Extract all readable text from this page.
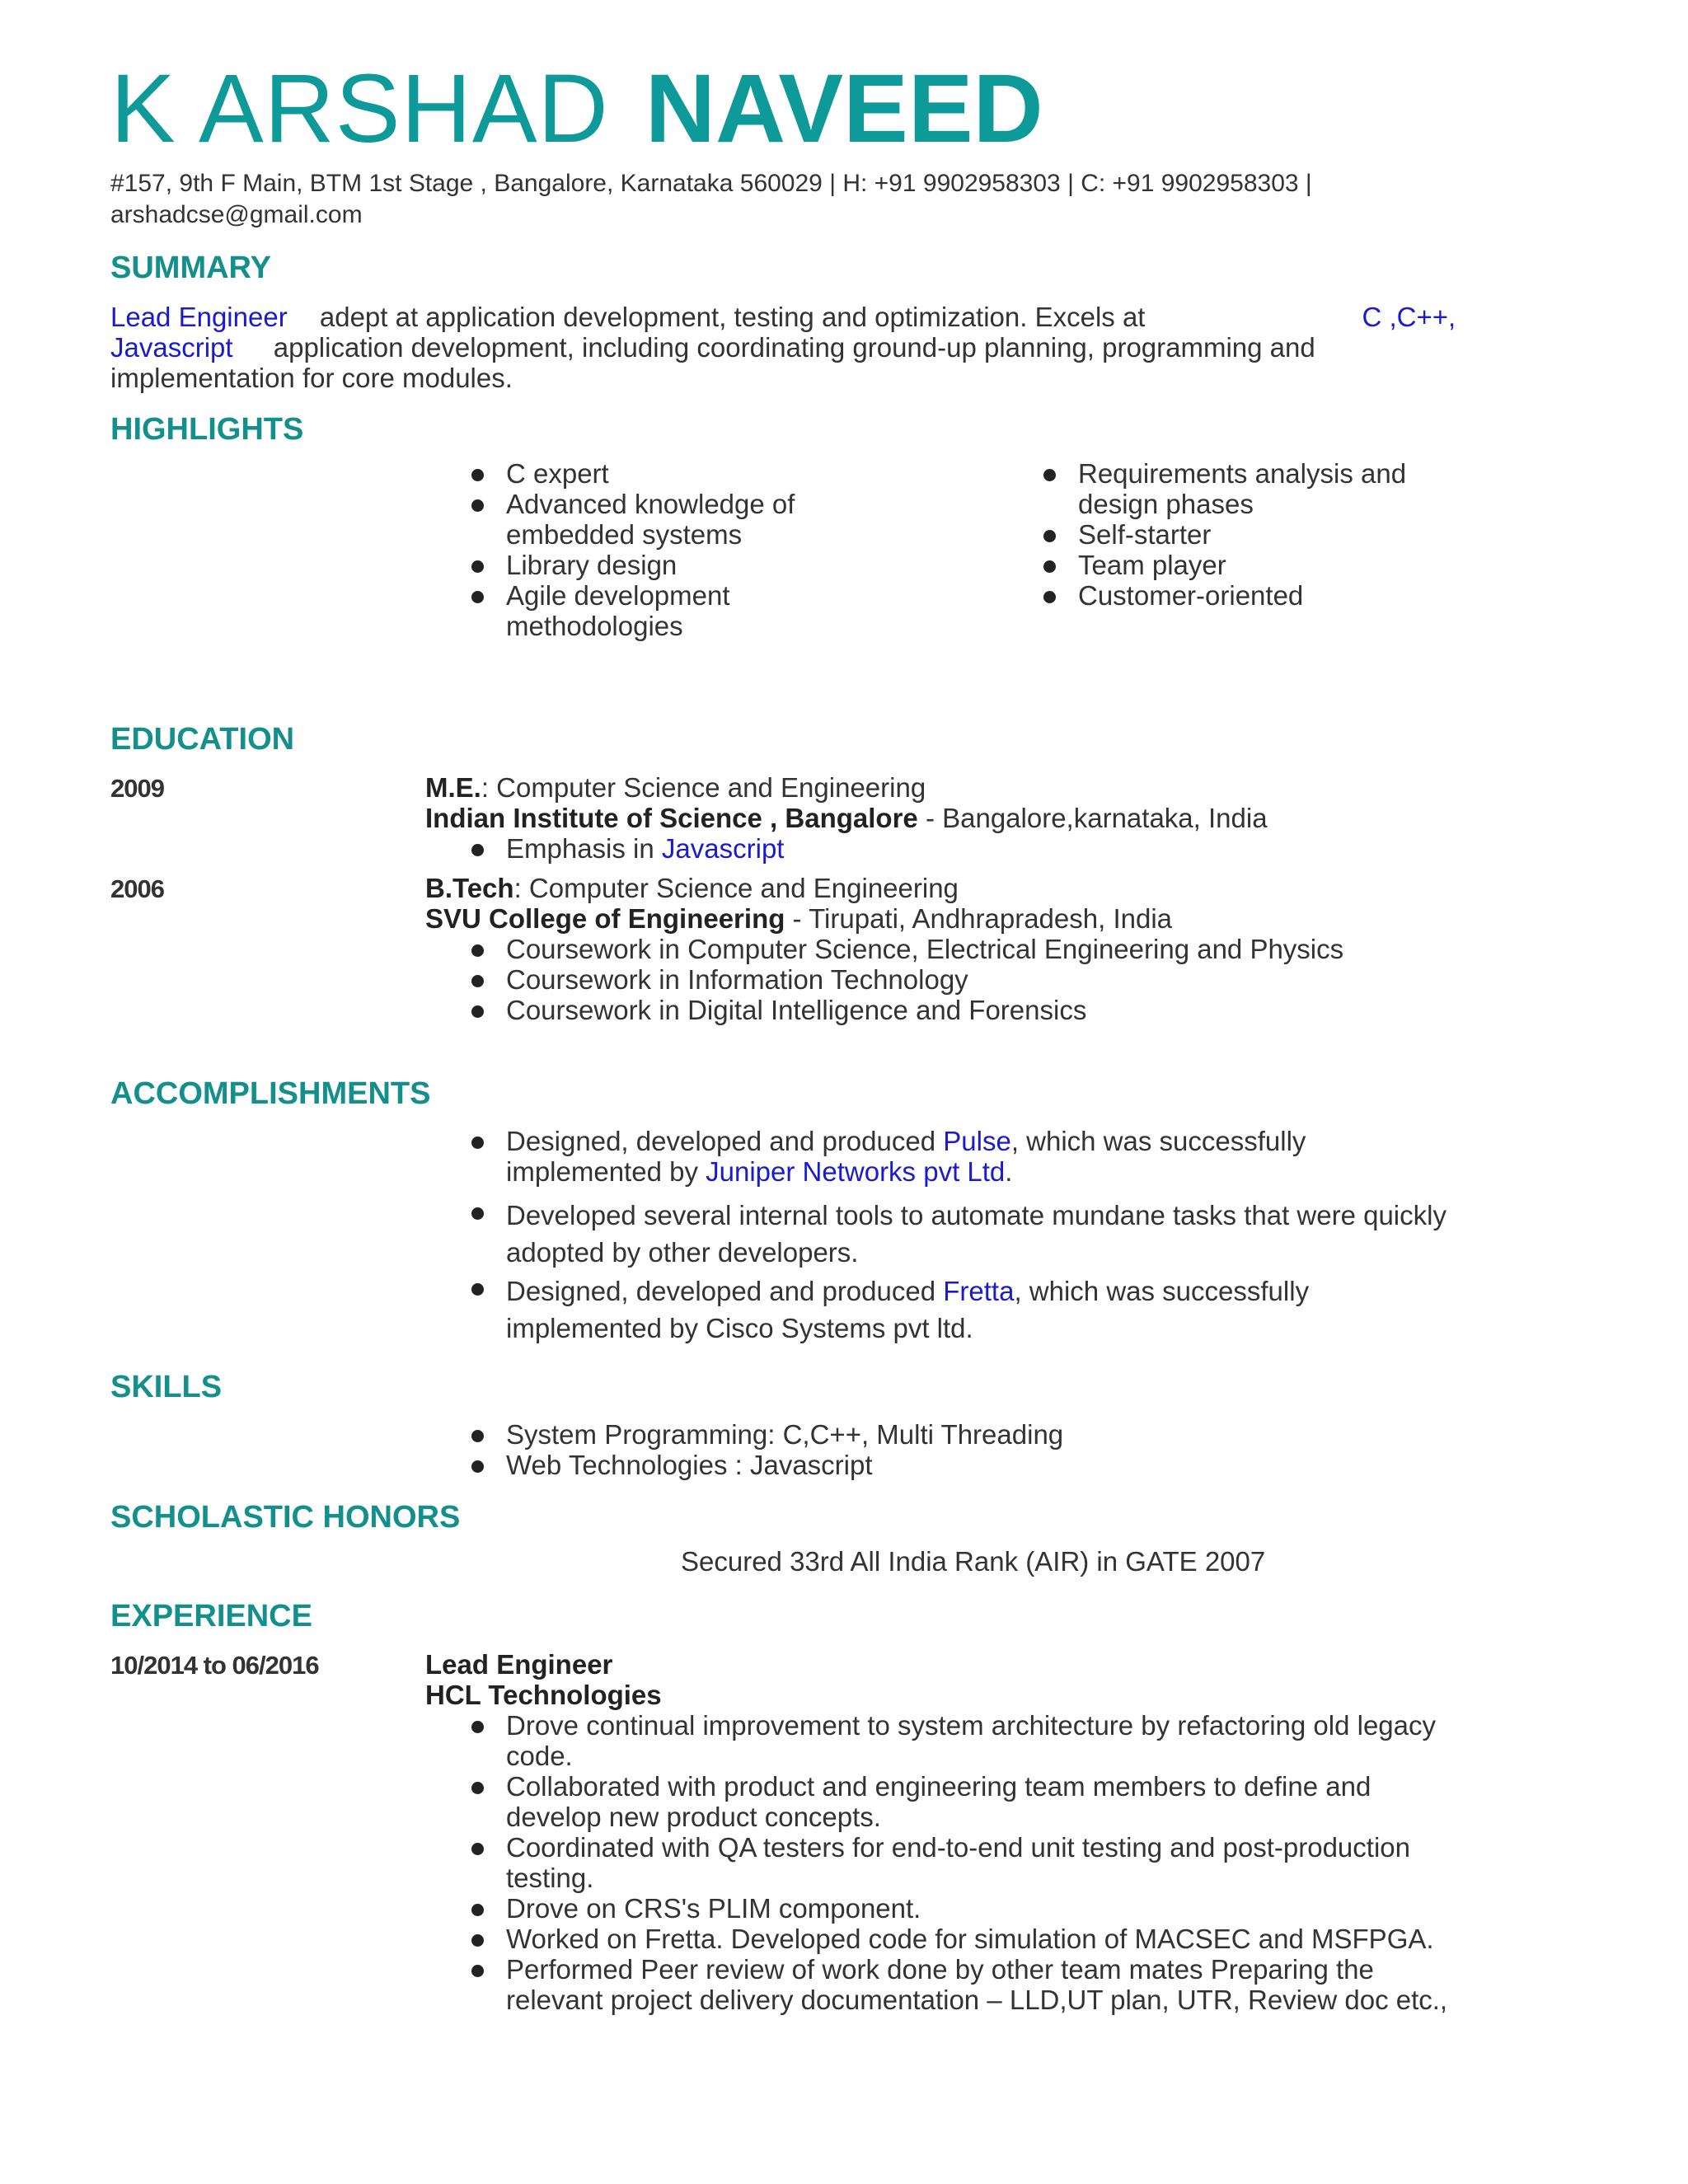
K ARSHAD NAVEED
#157, 9th F Main, BTM 1st Stage , Bangalore, Karnataka 560029 | H: +91 9902958303 | C: +91 9902958303 |
arshadcse@gmail.com
SUMMARY
Lead Engineer adept at application development, testing and optimization. Excels at	C ,C++,
Javascript application development, including coordinating ground-up planning, programming and
implementation for core modules.
HIGHLIGHTS
C expert
Advanced knowledge of embedded systems
Library design
Agile development methodologies
Requirements analysis and design phases
Self-starter
Team player
Customer-oriented
EDUCATION
2009	M.E.: Computer Science and Engineering
Indian Institute of Science , Bangalore - Bangalore,karnataka, India
Emphasis in Javascript
2006	B.Tech: Computer Science and Engineering
SVU College of Engineering - Tirupati, Andhrapradesh, India
Coursework in Computer Science, Electrical Engineering and Physics
Coursework in Information Technology
Coursework in Digital Intelligence and Forensics
ACCOMPLISHMENTS
Designed, developed and produced Pulse, which was successfully
implemented by Juniper Networks pvt Ltd.
Developed several internal tools to automate mundane tasks that were quickly adopted by other developers.
Designed, developed and produced Fretta, which was successfully
implemented by Cisco Systems pvt ltd.
SKILLS
System Programming: C,C++, Multi Threading
Web Technologies : Javascript
SCHOLASTIC HONORS
Secured 33rd All India Rank (AIR) in GATE 2007
EXPERIENCE
10/2014 to 06/2016	Lead Engineer
HCL Technologies
Drove continual improvement to system architecture by refactoring old legacy code.
Collaborated with product and engineering team members to define and develop new product concepts.
Coordinated with QA testers for end-to-end unit testing and post-production testing.
Drove on CRS's PLIM component.
Worked on Fretta. Developed code for simulation of MACSEC and MSFPGA.
Performed Peer review of work done by other team mates Preparing the relevant project delivery documentation – LLD,UT plan, UTR, Review doc etc.,
